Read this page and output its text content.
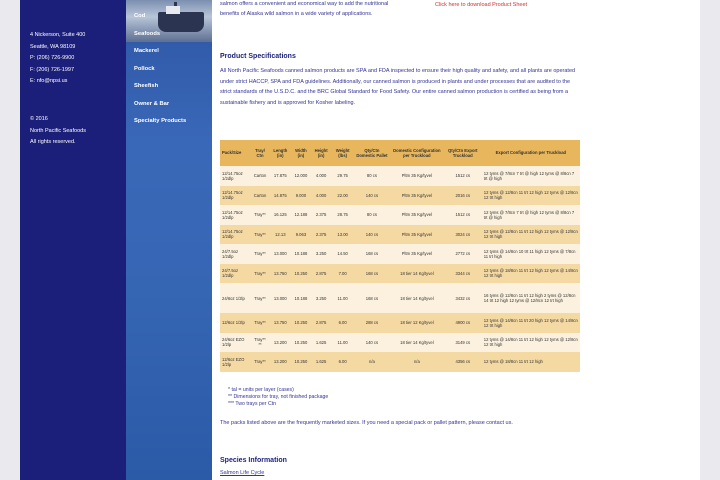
4 Nickerson, Suite 400
Seattle, WA 98109
P: (206) 726-9900
F: (206) 726-1997
E: nfo@npsi.us
© 2016
North Pacific Seafoods
All rights reserved.
Cod
Seafoods
Mackerel
Pollock
Sheefish
Owner & Bar
Specialty Products
salmon offers a convenient and economical way to add the nutritional benefits of Alaska wild salmon in a wide variety of applications.
Click here to download Product Sheet
Product Specifications
All North Pacific Seafoods canned salmon products are SPA and FDA inspected to ensure their high quality and safety, and all plants are operated under strict HACCP, SPA and FDA guidelines. Additionally, our canned salmon is produced in plants and under processes that are audited to the strict standards of the U.S.D.C. and the BRC Global Standard for Food Safety. Our entire canned salmon production is certified as being from a sustainable fishery and is approved for Kosher labeling.
Pack/Size	Tray/ Ctn	Length (in)	Width (in)	Height (in)	Weight (lbs)	Qty/Ctn Domestic Pallet	Domestic Configuration per Truckload	Qty/Ctn Export Truckload	Export Configuration per Truckload
12/14.75oz 1/2dlp	Carton	17.875	12.000	4.000	29.75	80 cs	Pltm 35 Kg/tyvel	1512 cs	12 tyms @ 7/8cn 7 trt @ high 12 tyms @ 8/8cn 7 trt @ high
12/14.75oz 1/2dlp	Carton	14.875	9.000	4.000	22.00	140 cs	Pltm 35 Kg/tyvel	2016 cs	12 tyms @ 12/8cn 11 trt 12 high 12 tyms @ 12/8cn 12 trt high
12/14.75oz 1/2dlp	Tray**	16.125	12.188	2.375	28.75	80 cs	Pltm 35 Kg/tyvel	1512 cs	12 tyms @ 7/8cn 7 trt @ high 12 tyms @ 8/8cn 7 trt @ high
12/14.75oz 1/2dlp	Tray**	12.13	9.063	2.375	13.00	140 cs	Pltm 35 Kg/tyvel	3024 cs	12 tyms @ 12/8cn 11 trt 12 high 12 tyms @ 12/8cn 12 trt high
24/7.5oz 1/2dlp	Tray**	13.000	10.188	3.250	14.50	168 cs	Pltm 35 Kg/tyvel	2772 cs	12 tyms @ 14/8cn 10 trt 11 high 12 tyms @ 7/8cn 11 trt high
24/7.5oz 1/2dlp	Tray**	13.750	10.250	2.875	7.00	168 cs	18 tier 14 Kg/tyvel	3344 cs	12 tyms @ 18/8cn 11 trt 12 high 12 tyms @ 14/8cn 12 trt high
24/6oz 1/2lp	Tray**	13.000	10.188	3.250	11.00	168 cs	18 tier 14 Kg/tyvel	3432 cs	16 tyms @ 12/8cn 11 trt 12 high 2 tyms @ 12/8cn 14 trt 12 high 12 tyms @ 12/8cn 12 trt high
12/6oz 1/2lp	Tray**	13.750	10.250	2.875	6.00	288 cs	18 tier 12 Kg/tyvel	4900 cs	12 tyms @ 14/8cn 11 trt 20 high 12 tyms @ 14/8cn 12 trt high
24/6oz EZO 1/2lp	Tray** **	13.200	10.250	1.625	11.00	140 cs	18 tier 14 Kg/tyvel	3149 cs	12 tyms @ 14/8cn 11 trt 12 high 12 tyms @ 12/8cn 12 trt high
12/6oz EZO 1/2lp	Tray**	13.200	10.250	1.625	6.00	n/a	n/a	4356 cs	12 tyms @ 18/8cn 11 trt 12 high
* tal = units per layer (cases)
** Dimensions for tray, not finished package
*** Two trays per Ctn
The packs listed above are the frequently marketed sizes. If you need a special pack or pallet pattern, please contact us.
Species Information
Salmon Life Cycle
